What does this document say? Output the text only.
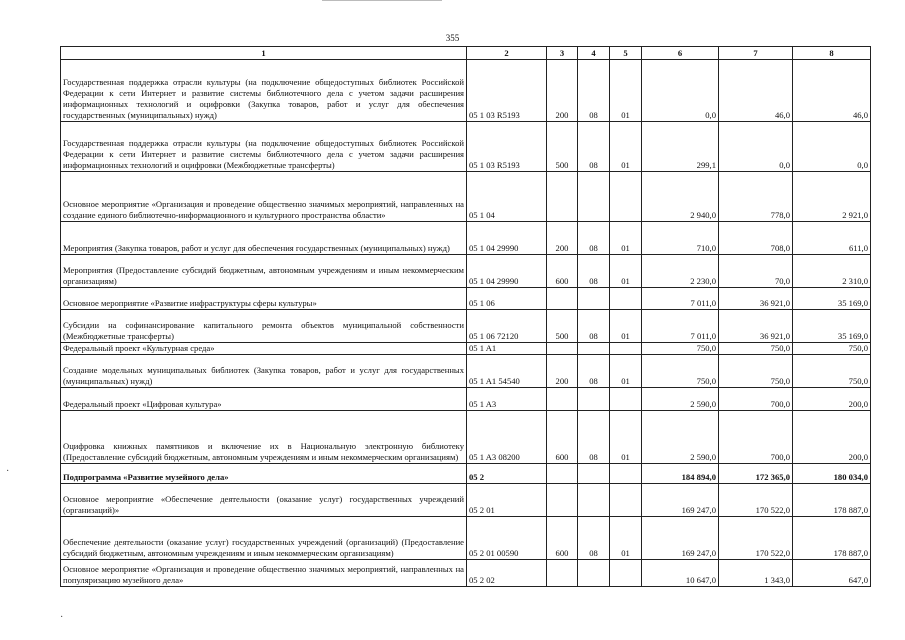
355
1	2	3	4	5	6	7	8
Государственная поддержка отрасли культуры (на подключение общедоступных библиотек Российской Федерации к сети Интернет и развитие системы библиотечного дела с учетом задачи расширения информационных технологий и оцифровки (Закупка товаров, работ и услуг для обеспечения государственных (муниципальных) нужд)	05 1 03 R5193	200	08	01	0,0	46,0	46,0
Государственная поддержка отрасли культуры (на подключение общедоступных библиотек Российской Федерации к сети Интернет и развитие системы библиотечного дела с учетом задачи расширения информационных технологий и оцифровки (Межбюджетные трансферты)	05 1 03 R5193	500	08	01	299,1	0,0	0,0
Основное мероприятие «Организация и проведение общественно значимых мероприятий, направленных на создание единого библиотечно-информационного и культурного пространства области»	05 1 04				2 940,0	778,0	2 921,0
Мероприятия (Закупка товаров, работ и услуг для обеспечения государственных (муниципальных) нужд)	05 1 04 29990	200	08	01	710,0	708,0	611,0
Мероприятия (Предоставление субсидий бюджетным, автономным учреждениям и иным некоммерческим организациям)	05 1 04 29990	600	08	01	2 230,0	70,0	2 310,0
Основное мероприятие «Развитие инфраструктуры сферы культуры»	05 1 06				7 011,0	36 921,0	35 169,0
Субсидии на софинансирование капитального ремонта объектов муниципальной собственности (Межбюджетные трансферты)	05 1 06 72120	500	08	01	7 011,0	36 921,0	35 169,0
Федеральный проект «Культурная среда»	05 1 A1				750,0	750,0	750,0
Создание модельных муниципальных библиотек (Закупка товаров, работ и услуг для государственных (муниципальных) нужд)	05 1 A1 54540	200	08	01	750,0	750,0	750,0
Федеральный проект «Цифровая культура»	05 1 A3				2 590,0	700,0	200,0
Оцифровка книжных памятников и включение их в Национальную электронную библиотеку (Предоставление субсидий бюджетным, автономным учреждениям и иным некоммерческим организациям)	05 1 A3 08200	600	08	01	2 590,0	700,0	200,0
Подпрограмма «Развитие музейного дела»	05 2				184 894,0	172 365,0	180 034,0
Основное мероприятие «Обеспечение деятельности (оказание услуг) государственных учреждений (организаций)»	05 2 01				169 247,0	170 522,0	178 887,0
Обеспечение деятельности (оказание услуг) государственных учреждений (организаций) (Предоставление субсидий бюджетным, автономным учреждениям и иным некоммерческим организациям)	05 2 01 00590	600	08	01	169 247,0	170 522,0	178 887,0
Основное мероприятие «Организация и проведение общественно значимых мероприятий, направленных на популяризацию музейного дела»	05 2 02				10 647,0	1 343,0	647,0
·
·
